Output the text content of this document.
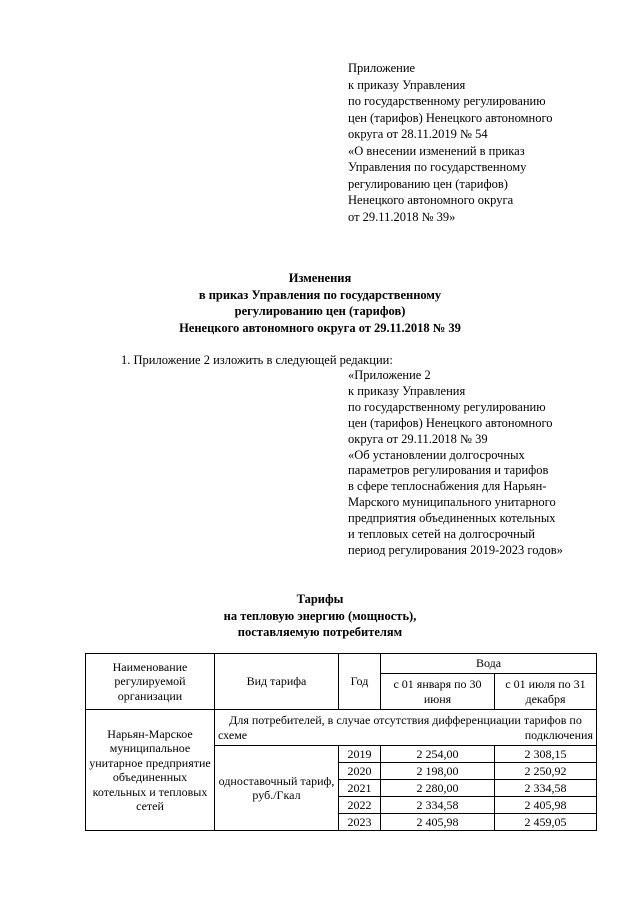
Приложение
к приказу Управления
по государственному регулированию
цен (тарифов) Ненецкого автономного
округа от 28.11.2019 № 54
«О внесении изменений в приказ
Управления по государственному
регулированию цен (тарифов)
Ненецкого автономного округа
от 29.11.2018 № 39»
Изменения
в приказ Управления по государственному
регулированию цен (тарифов)
Ненецкого автономного округа от 29.11.2018 № 39
1. Приложение 2 изложить в следующей редакции:
«Приложение 2
к приказу Управления
по государственному регулированию
цен (тарифов) Ненецкого автономного
округа от 29.11.2018 № 39
«Об установлении долгосрочных
параметров регулирования и тарифов
в сфере теплоснабжения для Нарьян-
Марского муниципального унитарного
предприятия объединенных котельных
и тепловых сетей на долгосрочный
период регулирования 2019-2023 годов»
Тарифы
на тепловую энергию (мощность),
поставляемую потребителям
Наименование регулируемой организации	Вид тарифа	Год	Вода	
			с 01 января по 30 июня	с 01 июля по 31 декабря
Нарьян-Марское муниципальное унитарное предприятие объединенных котельных и тепловых сетей	Для потребителей, в случае отсутствия дифференциации тарифов по схеме подключения			
	одноставочный тариф, руб./Гкал	2019	2 254,00	2 308,15
		2020	2 198,00	2 250,92
		2021	2 280,00	2 334,58
		2022	2 334,58	2 405,98
		2023	2 405,98	2 459,05
